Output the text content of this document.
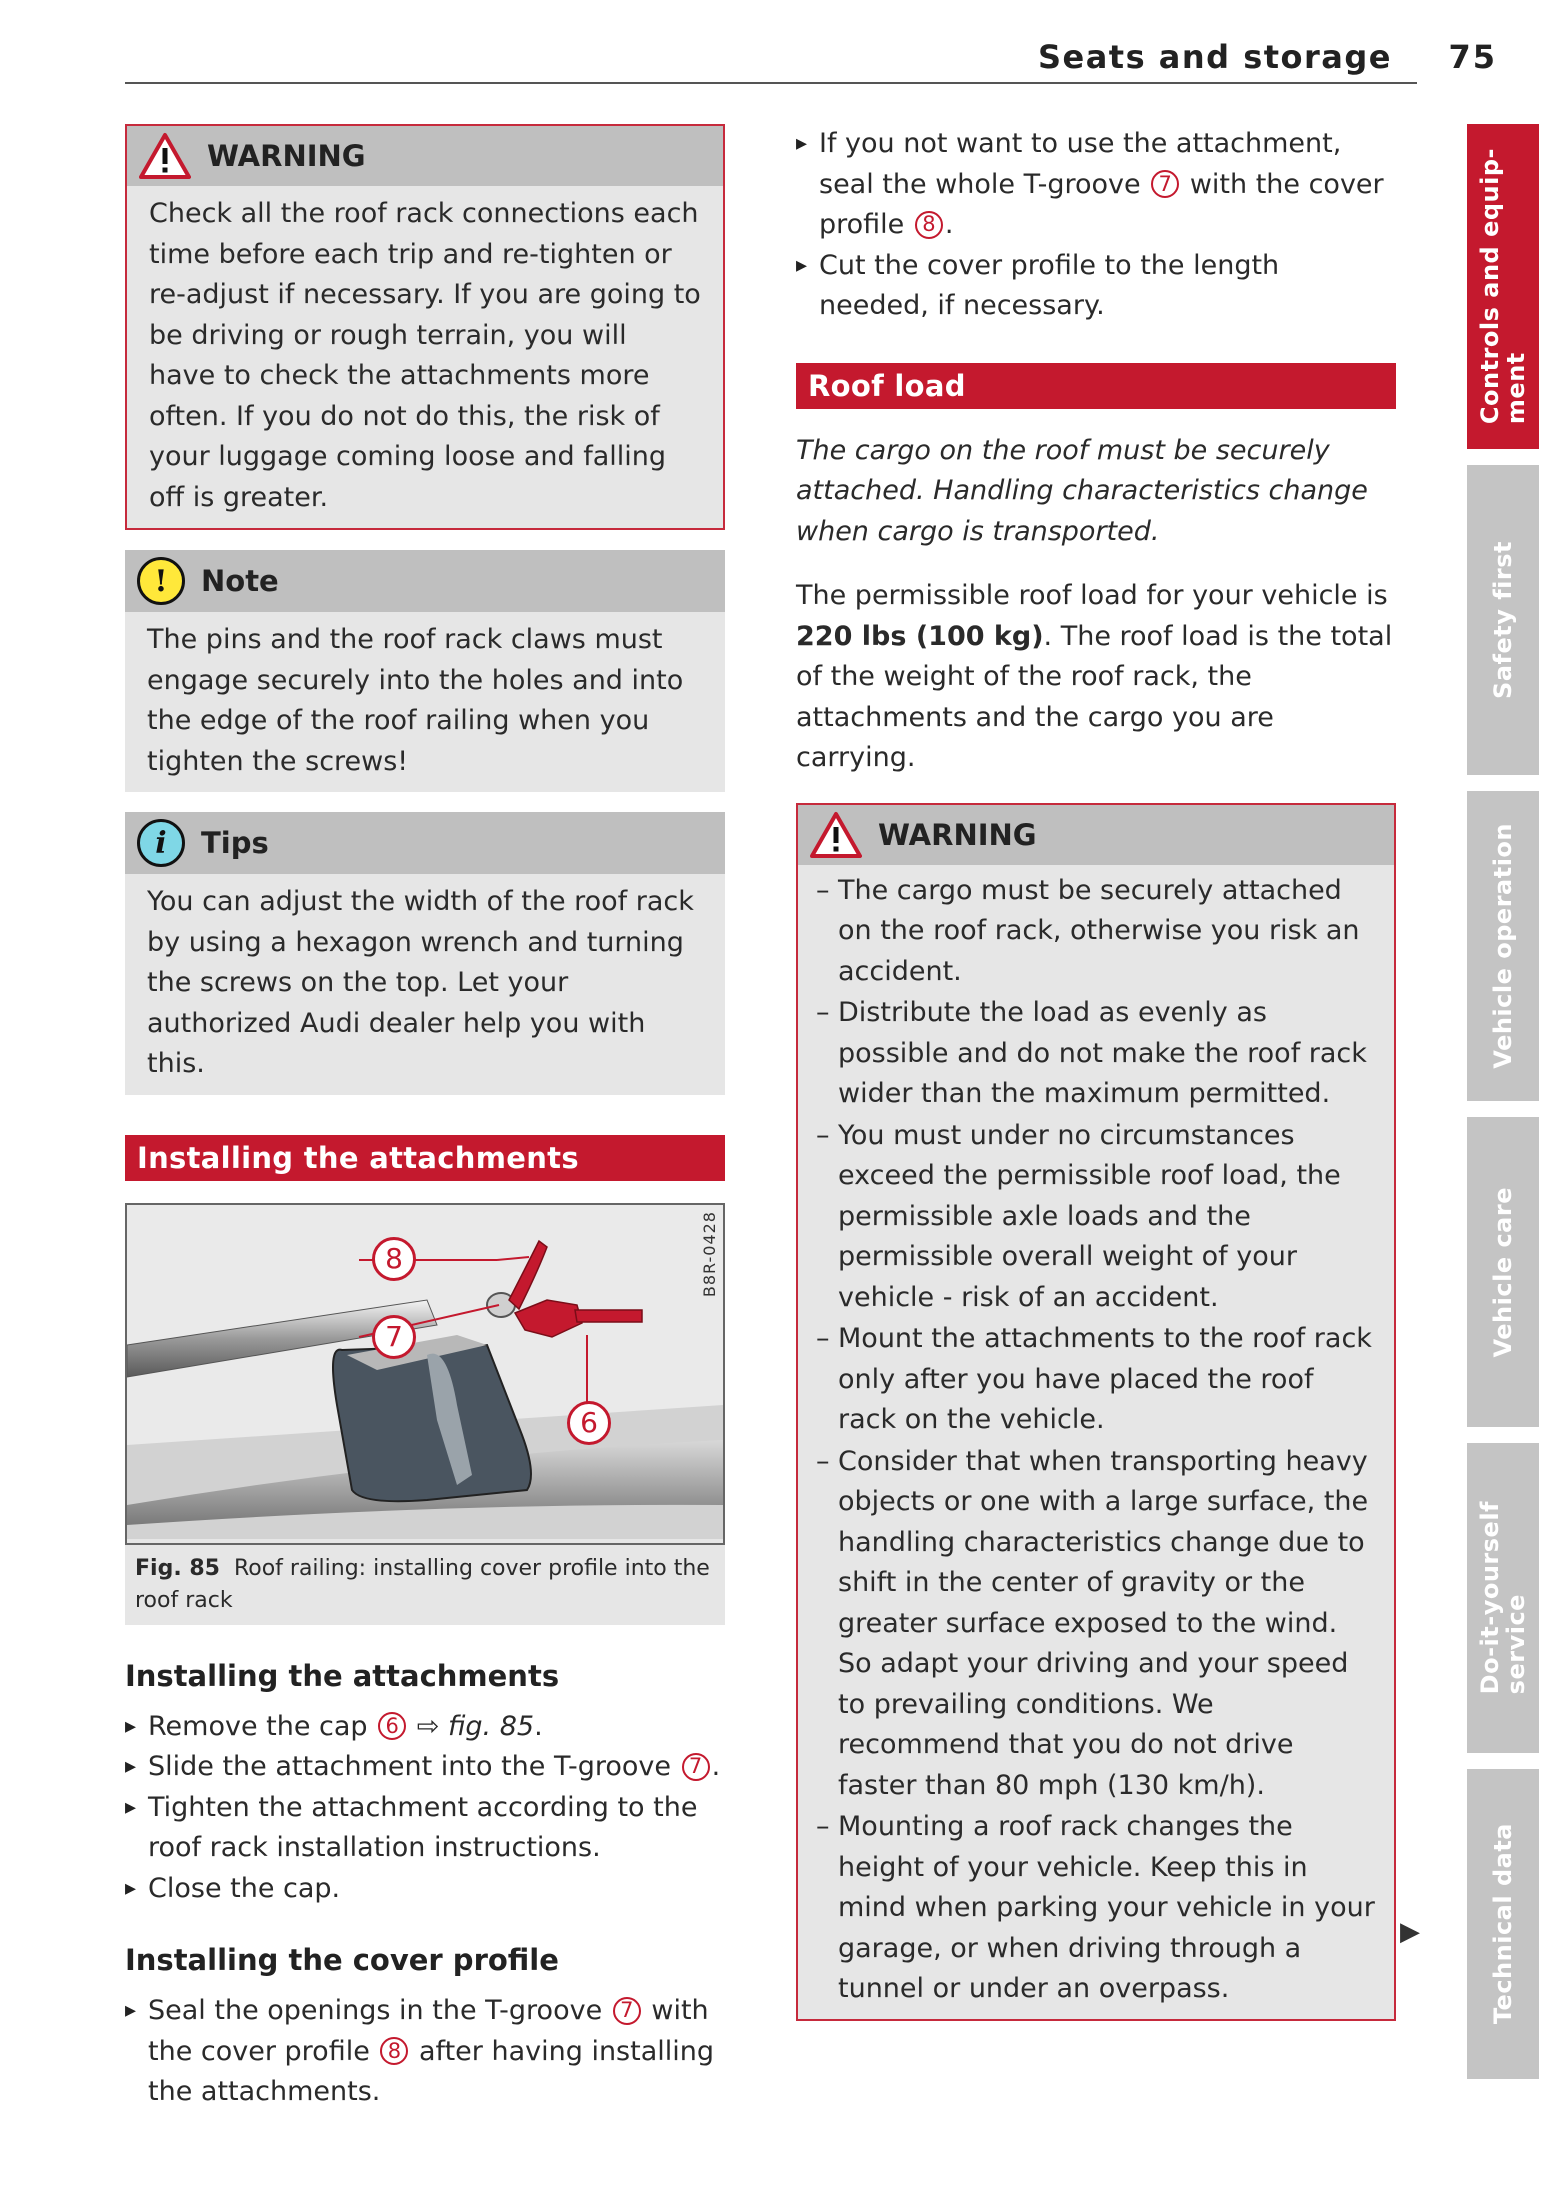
Seats and storage 75
WARNING
Check all the roof rack connections each time before each trip and re-tighten or re-adjust if necessary. If you are going to be driving or rough terrain, you will have to check the attachments more often. If you do not do this, the risk of your luggage coming loose and falling off is greater.
!	Note
The pins and the roof rack claws must engage securely into the holes and into the edge of the roof railing when you tighten the screws!
i	Tips
You can adjust the width of the roof rack by using a hexagon wrench and turning the screws on the top. Let your authorized Audi dealer help you with this.
Installing the attachments
8
7
6
B8R-0428
Fig. 85 Roof railing: installing cover profile into the roof rack
Installing the attachments
▸ Remove the cap 6 ⇨ fig. 85.
▸ Slide the attachment into the T-groove 7 .
▸ Tighten the attachment according to the roof rack installation instructions.
▸ Close the cap.
Installing the cover profile
▸ Seal the openings in the T-groove 7 with the cover profile 8 after having installing the attachments.
▸ If you not want to use the attachment, seal the whole T-groove 7 with the cover profile 8 .
▸ Cut the cover profile to the length needed, if necessary.
Roof load

The cargo on the roof must be securely attached. Handling characteristics change when cargo is transported.

The permissible roof load for your vehicle is 220 lbs (100 kg). The roof load is the total of the weight of the roof rack, the attachments and the cargo you are carrying.

WARNING
– The cargo must be securely attached on the roof rack, otherwise you risk an accident.
– Distribute the load as evenly as possible and do not make the roof rack wider than the maximum permitted.
– You must under no circumstances exceed the permissible roof load, the permissible axle loads and the permissible overall weight of your vehicle - risk of an accident.
– Mount the attachments to the roof rack only after you have placed the roof rack on the vehicle.
– Consider that when transporting heavy objects or one with a large surface, the handling characteristics change due to shift in the center of gravity or the greater surface exposed to the wind. So adapt your driving and your speed to prevailing conditions. We recommend that you do not drive faster than 80 mph (130 km/h).
– Mounting a roof rack changes the height of your vehicle. Keep this in mind when parking your vehicle in your garage, or when driving through a tunnel or under an overpass.
▶
Controls and equip-
ment
Safety first
Vehicle operation
Vehicle care
Do-it-yourself
service
Technical data
